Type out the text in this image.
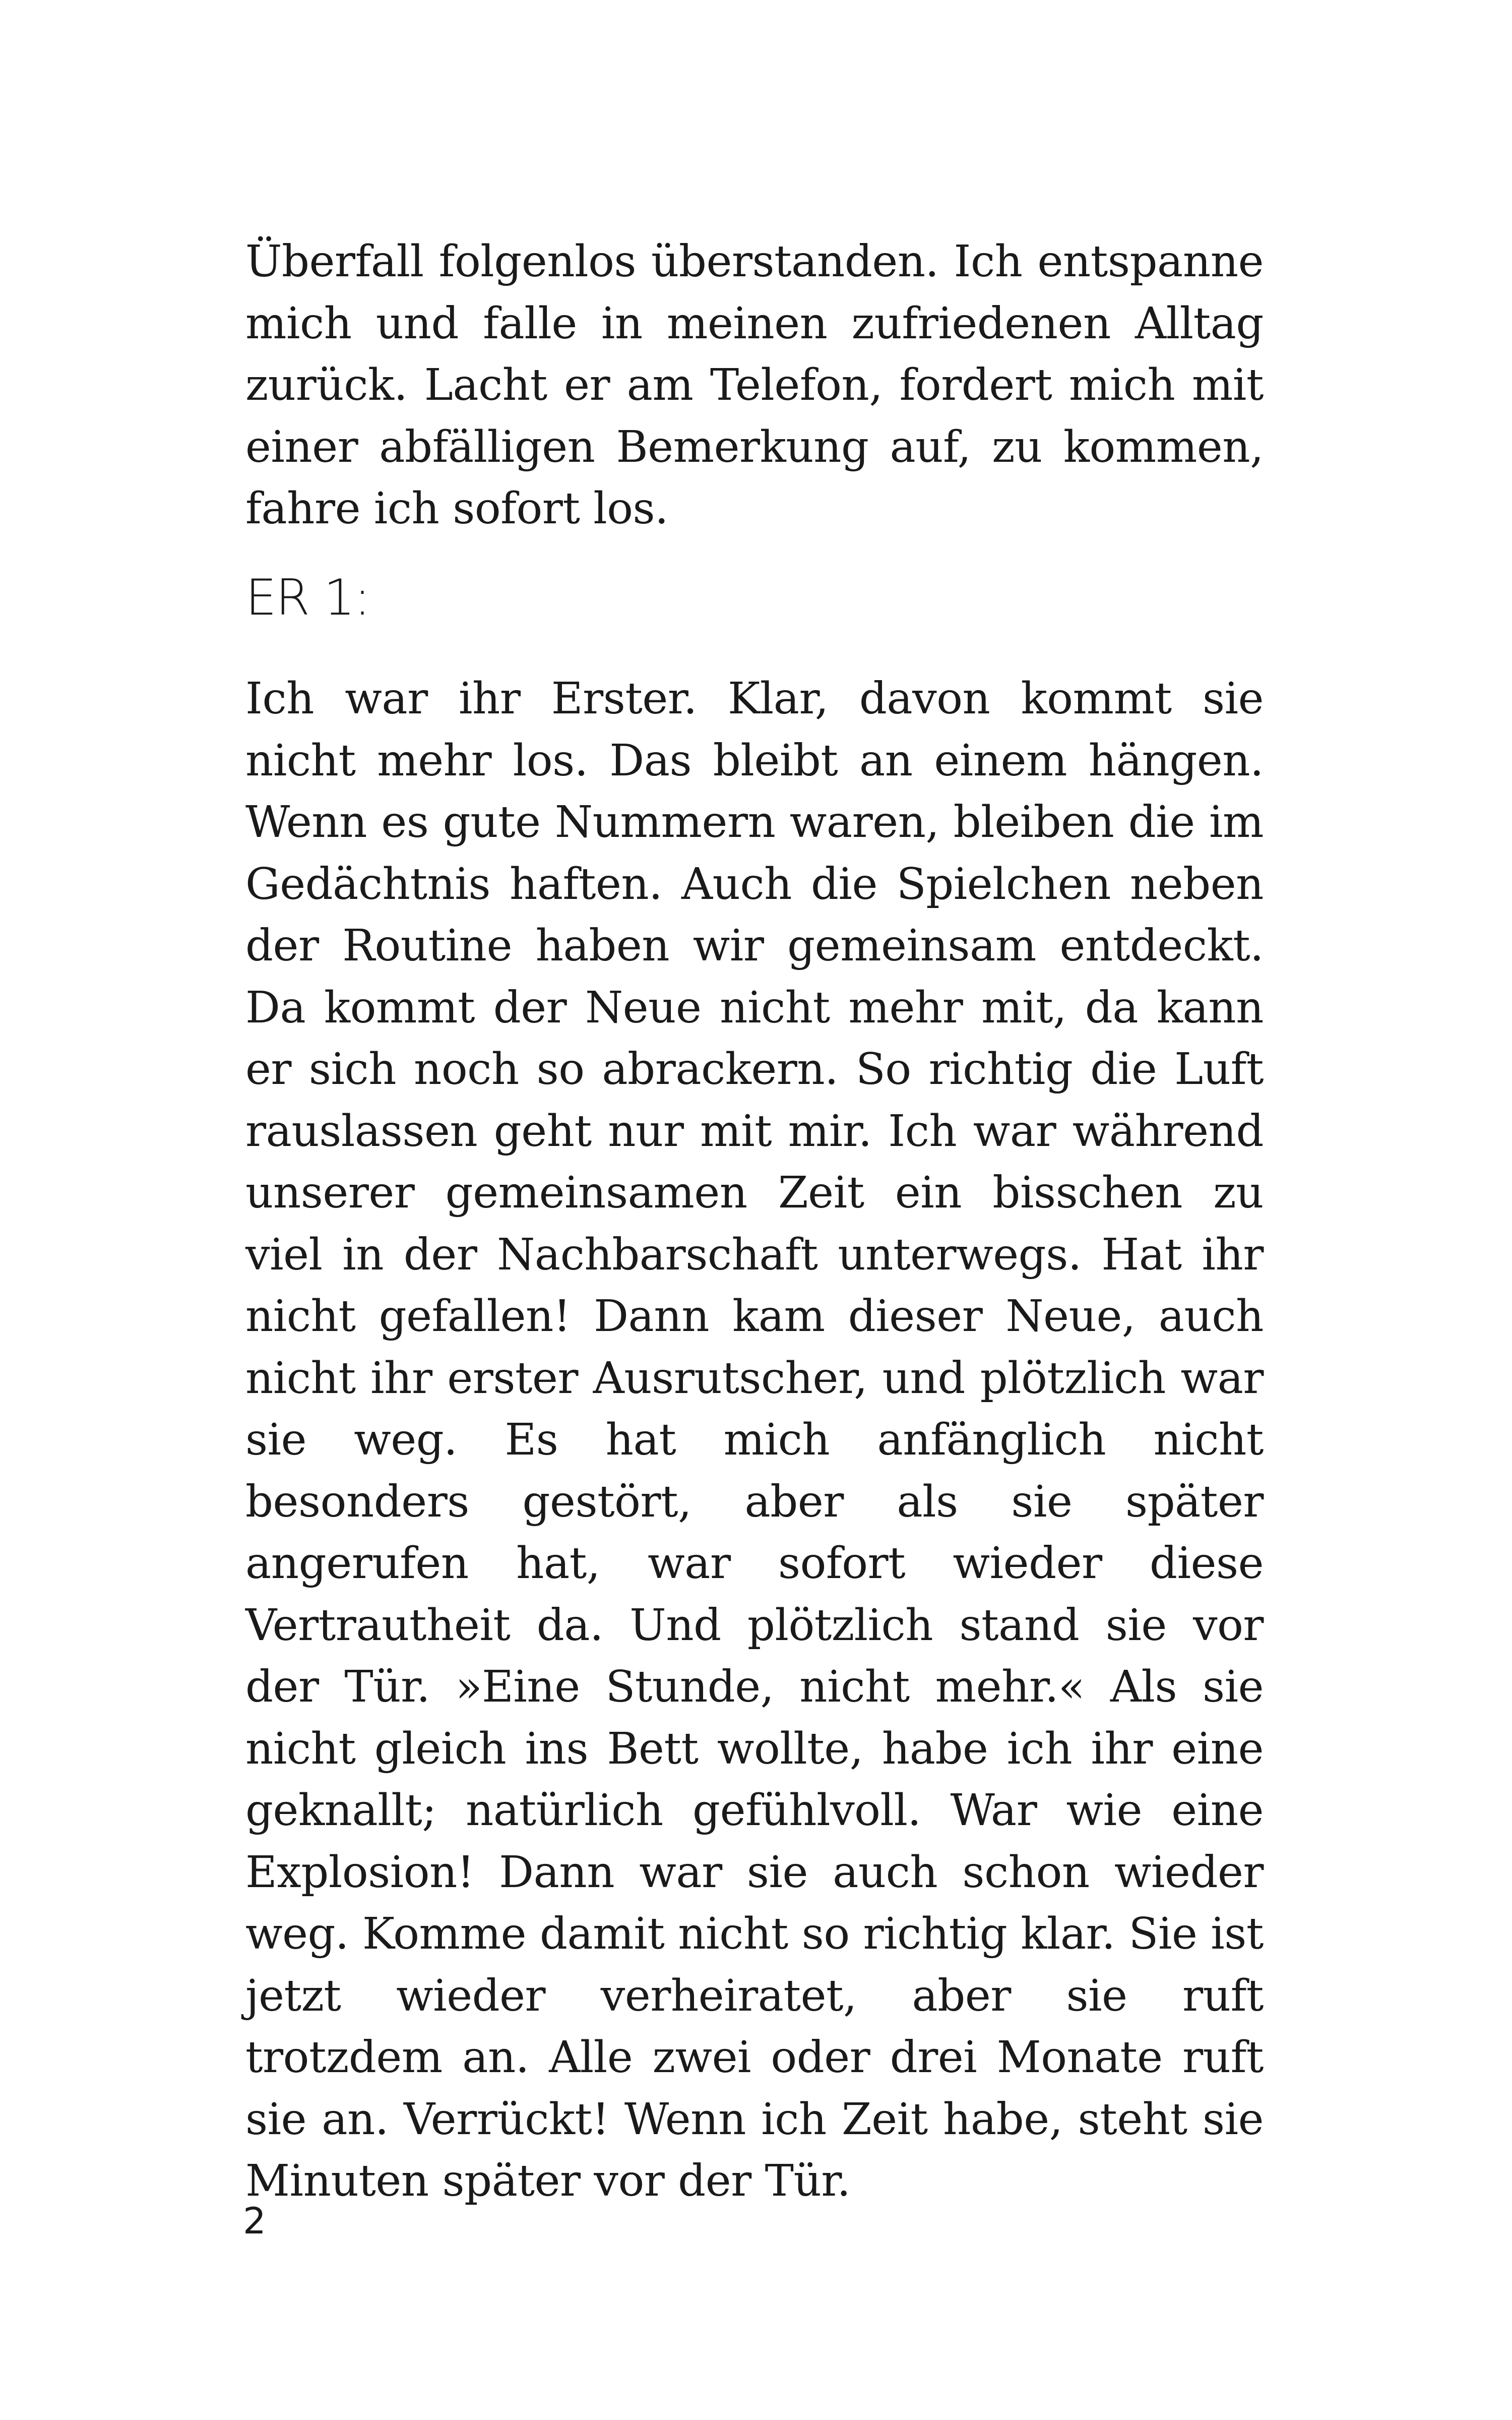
Überfall folgenlos überstanden. Ich entspanne mich und falle in meinen zufriedenen Alltag zurück. Lacht er am Telefon, fordert mich mit einer abfälligen Bemerkung auf, zu kommen, fahre ich sofort los.

ER 1:

Ich war ihr Erster. Klar, davon kommt sie nicht mehr los. Das bleibt an einem hängen. Wenn es gute Nummern waren, bleiben die im Gedächtnis haften. Auch die Spielchen neben der Routine haben wir gemeinsam entdeckt. Da kommt der Neue nicht mehr mit, da kann er sich noch so abrackern. So richtig die Luft rauslassen geht nur mit mir. Ich war während unserer gemeinsamen Zeit ein bisschen zu viel in der Nachbarschaft unterwegs. Hat ihr nicht gefallen! Dann kam dieser Neue, auch nicht ihr erster Ausrutscher, und plötzlich war sie weg. Es hat mich anfänglich nicht besonders gestört, aber als sie später angerufen hat, war sofort wieder diese Vertrautheit da. Und plötzlich stand sie vor der Tür. »Eine Stunde, nicht mehr.« Als sie nicht gleich ins Bett wollte, habe ich ihr eine geknallt; natürlich gefühlvoll. War wie eine Explosion! Dann war sie auch schon wieder weg. Komme damit nicht so richtig klar. Sie ist jetzt wieder verheiratet, aber sie ruft trotzdem an. Alle zwei oder drei Monate ruft sie an. Verrückt! Wenn ich Zeit habe, steht sie Minuten später vor der Tür.

2
